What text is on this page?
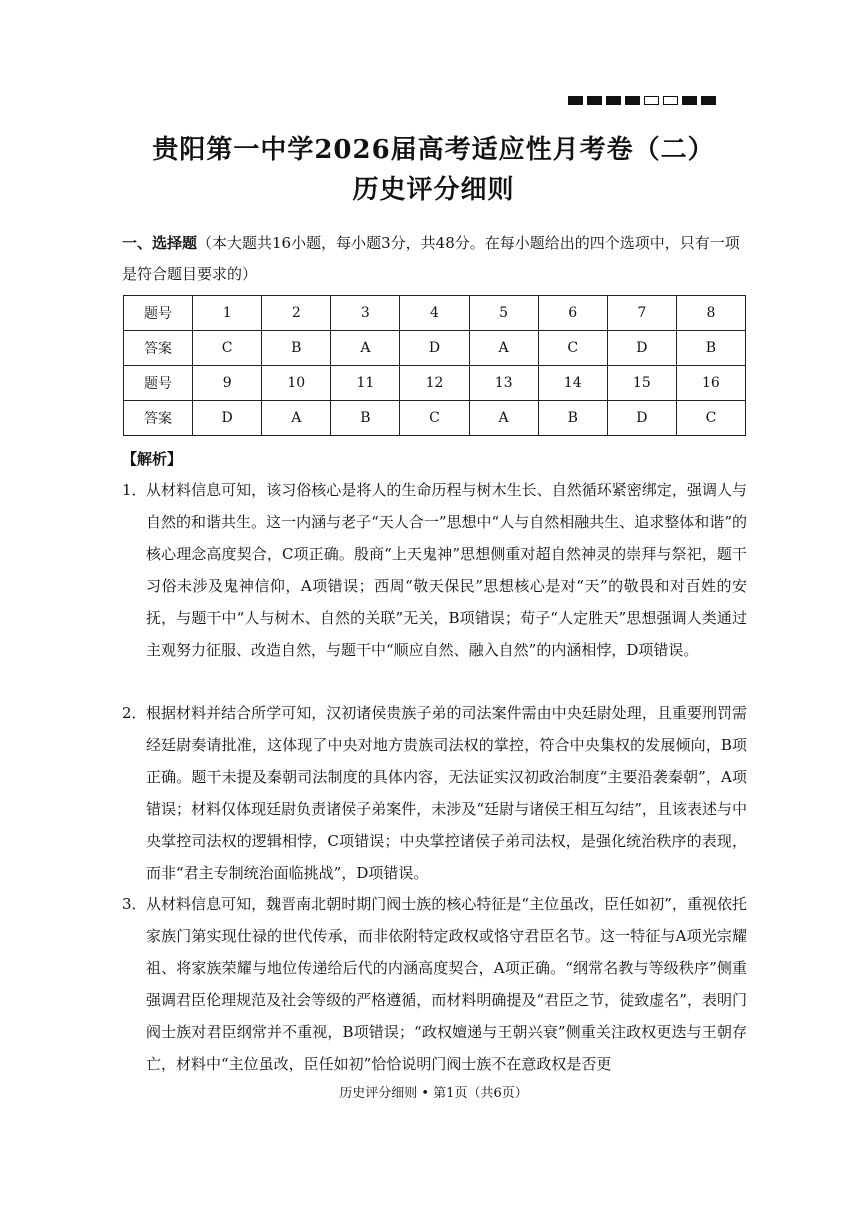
贵阳第一中学2026届高考适应性月考卷（二）
历史评分细则
一、选择题（本大题共16小题，每小题3分，共48分。在每小题给出的四个选项中，只有一项是符合题目要求的）
题号	1	2	3	4	5	6	7	8
答案	C	B	A	D	A	C	D	B
题号	9	10	11	12	13	14	15	16
答案	D	A	B	C	A	B	D	C
【解析】
1． 从材料信息可知，该习俗核心是将人的生命历程与树木生长、自然循环紧密绑定，强调人与自然的和谐共生。这一内涵与老子“天人合一”思想中“人与自然相融共生、追求整体和谐”的核心理念高度契合，C项正确。殷商“上天鬼神”思想侧重对超自然神灵的崇拜与祭祀，题干习俗未涉及鬼神信仰，A项错误；西周“敬天保民”思想核心是对“天”的敬畏和对百姓的安抚，与题干中“人与树木、自然的关联”无关，B项错误；荀子“人定胜天”思想强调人类通过主观努力征服、改造自然，与题干中“顺应自然、融入自然”的内涵相悖，D项错误。
2． 根据材料并结合所学可知，汉初诸侯贵族子弟的司法案件需由中央廷尉处理，且重要刑罚需经廷尉奏请批准，这体现了中央对地方贵族司法权的掌控，符合中央集权的发展倾向，B项正确。题干未提及秦朝司法制度的具体内容，无法证实汉初政治制度“主要沿袭秦朝”，A项错误；材料仅体现廷尉负责诸侯子弟案件，未涉及“廷尉与诸侯王相互勾结”，且该表述与中央掌控司法权的逻辑相悖，C项错误；中央掌控诸侯子弟司法权，是强化统治秩序的表现，而非“君主专制统治面临挑战”，D项错误。
3． 从材料信息可知，魏晋南北朝时期门阀士族的核心特征是“主位虽改，臣任如初”，重视依托家族门第实现仕禄的世代传承，而非依附特定政权或恪守君臣名节。这一特征与A项光宗耀祖、将家族荣耀与地位传递给后代的内涵高度契合，A项正确。“纲常名教与等级秩序”侧重强调君臣伦理规范及社会等级的严格遵循，而材料明确提及“君臣之节，徒致虚名”，表明门阀士族对君臣纲常并不重视，B项错误；“政权嬗递与王朝兴衰”侧重关注政权更迭与王朝存亡，材料中“主位虽改，臣任如初”恰恰说明门阀士族不在意政权是否更
历史评分细则 • 第1页（共6页）
